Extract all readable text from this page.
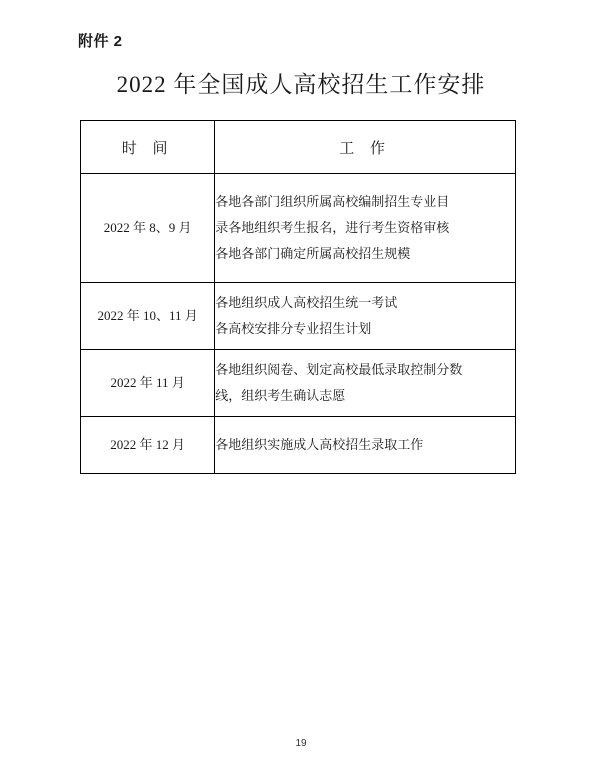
附件 2
2022 年全国成人高校招生工作安排
时 间	工 作
2022 年 8、9 月	各地各部门组织所属高校编制招生专业目
录各地组织考生报名，进行考生资格审核
各地各部门确定所属高校招生规模

2022 年 10、11 月	各地组织成人高校招生统一考试
各高校安排分专业招生计划

2022 年 11 月	各地组织阅卷、划定高校最低录取控制分数
线，组织考生确认志愿

2022 年 12 月	各地组织实施成人高校招生录取工作
19
